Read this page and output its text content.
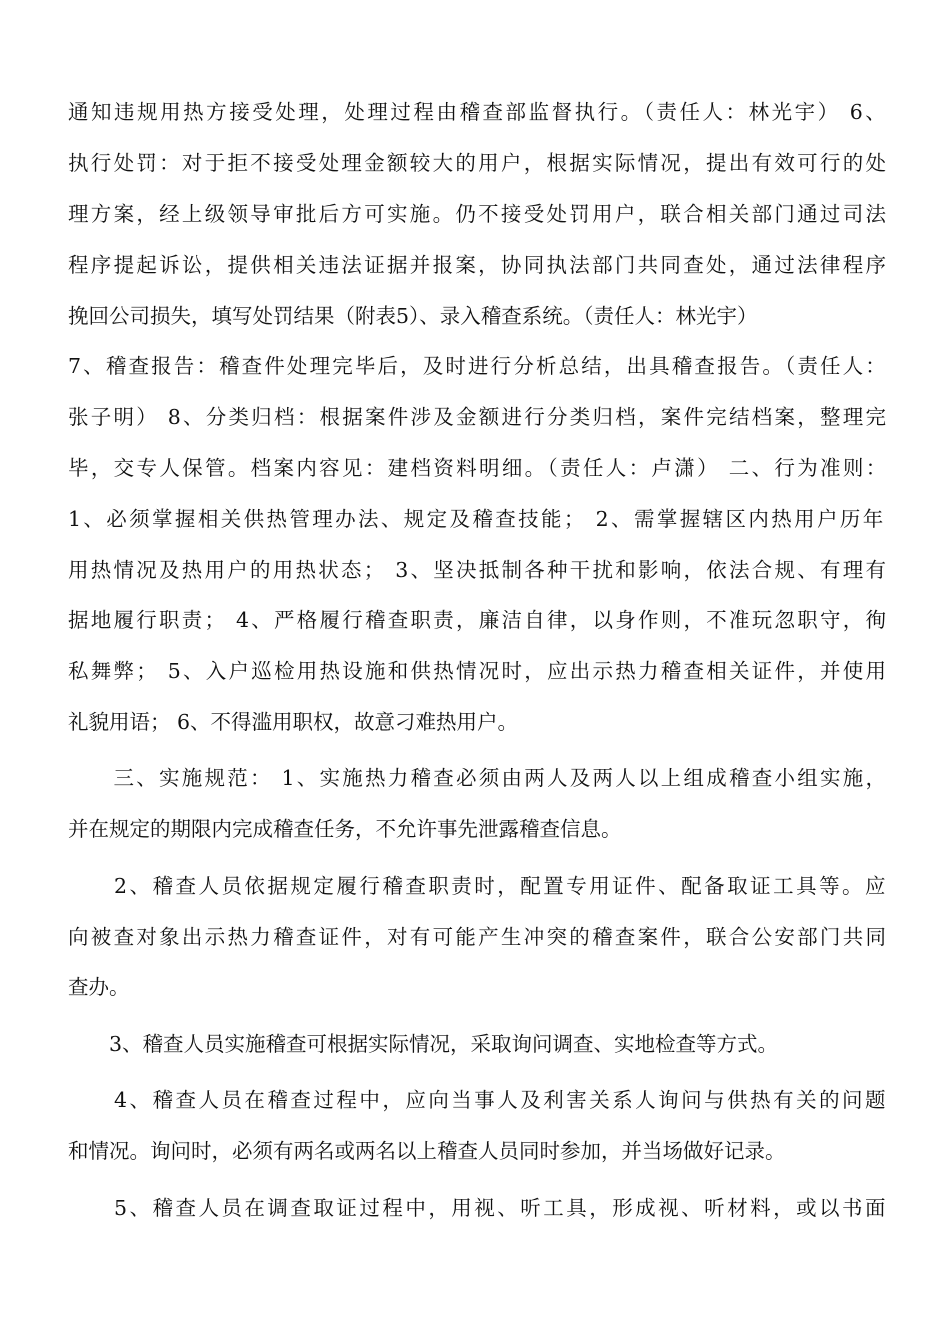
通知违规用热方接受处理，处理过程由稽查部监督执行。（责任人：林光宇） 6、
执行处罚：对于拒不接受处理金额较大的用户，根据实际情况，提出有效可行的处
理方案，经上级领导审批后方可实施。仍不接受处罚用户，联合相关部门通过司法
程序提起诉讼，提供相关违法证据并报案，协同执法部门共同查处，通过法律程序
挽回公司损失，填写处罚结果（附表5）、录入稽查系统。（责任人：林光宇）
7、稽查报告：稽查件处理完毕后，及时进行分析总结，出具稽查报告。（责任人：
张子明） 8、分类归档：根据案件涉及金额进行分类归档，案件完结档案，整理完
毕，交专人保管。档案内容见：建档资料明细。（责任人：卢潇） 二、行为准则：
1、必须掌握相关供热管理办法、规定及稽查技能； 2、需掌握辖区内热用户历年
用热情况及热用户的用热状态； 3、坚决抵制各种干扰和影响，依法合规、有理有
据地履行职责； 4、严格履行稽查职责，廉洁自律，以身作则，不准玩忽职守，徇
私舞弊； 5、入户巡检用热设施和供热情况时，应出示热力稽查相关证件，并使用
礼貌用语； 6、不得滥用职权，故意刁难热用户。
　　三、实施规范： 1、实施热力稽查必须由两人及两人以上组成稽查小组实施，
并在规定的期限内完成稽查任务，不允许事先泄露稽查信息。
　　2、稽查人员依据规定履行稽查职责时，配置专用证件、配备取证工具等。应
向被查对象出示热力稽查证件，对有可能产生冲突的稽查案件，联合公安部门共同
查办。
　　3、稽查人员实施稽查可根据实际情况，采取询问调查、实地检查等方式。
　　4、稽查人员在稽查过程中，应向当事人及利害关系人询问与供热有关的问题
和情况。询问时，必须有两名或两名以上稽查人员同时参加，并当场做好记录。
　　5、稽查人员在调查取证过程中，用视、听工具，形成视、听材料，或以书面
